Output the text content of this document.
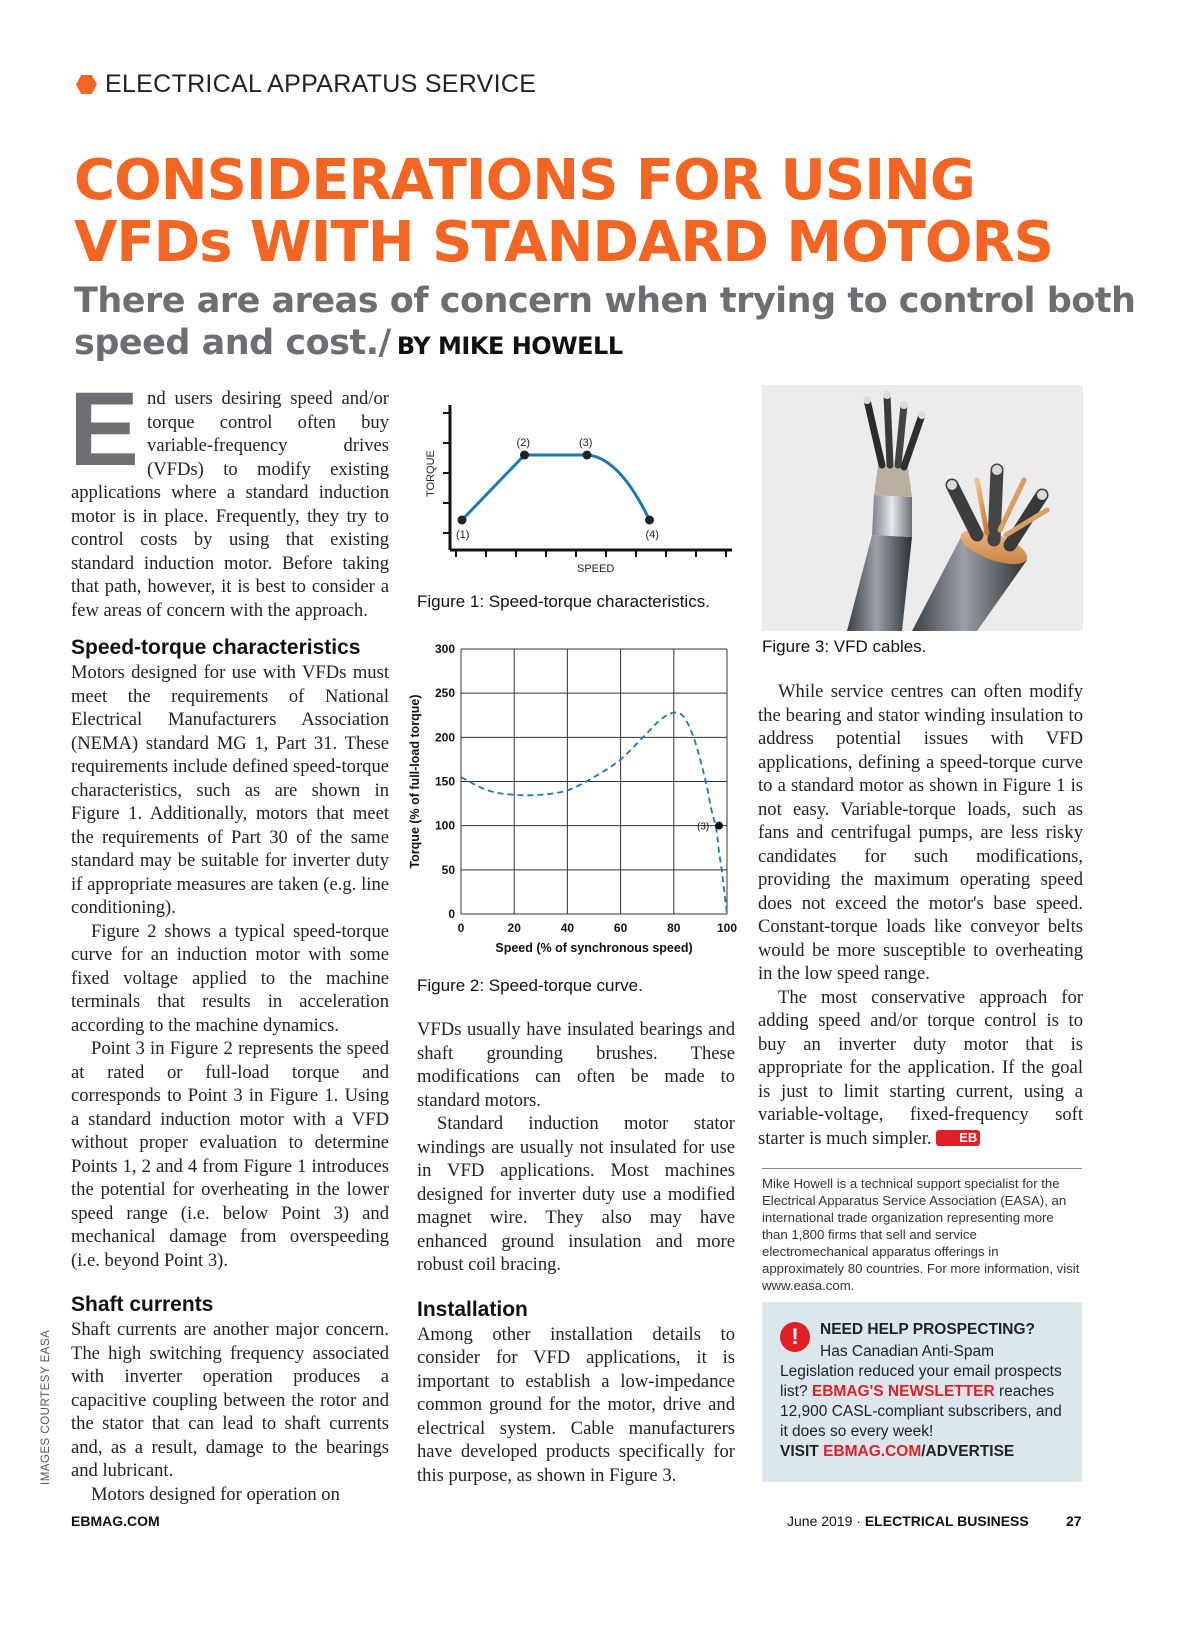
ELECTRICAL APPARATUS SERVICE
CONSIDERATIONS FOR USING
VFDs WITH STANDARD MOTORS
There are areas of concern when trying to control both speed and cost./ BY MIKE HOWELL

End users desiring speed and/or torque control often buy variable-frequency drives (VFDs) to modify existing applications where a standard induction motor is in place. Frequently, they try to control costs by using that existing standard induction motor. Before taking that path, however, it is best to consider a few areas of concern with the approach.

Speed-torque characteristics

Motors designed for use with VFDs must meet the requirements of National Electrical Manufacturers Association (NEMA) standard MG 1, Part 31. These requirements include defined speed-torque characteristics, such as are shown in Figure 1. Additionally, motors that meet the requirements of Part 30 of the same standard may be suitable for inverter duty if appropriate measures are taken (e.g. line conditioning).

Figure 2 shows a typical speed-torque curve for an induction motor with some fixed voltage applied to the machine terminals that results in acceleration according to the machine dynamics.

Point 3 in Figure 2 represents the speed at rated or full-load torque and corresponds to Point 3 in Figure 1. Using a standard induction motor with a VFD without proper evaluation to determine Points 1, 2 and 4 from Figure 1 introduces the potential for overheating in the lower speed range (i.e. below Point 3) and mechanical damage from overspeeding (i.e. beyond Point 3).

Shaft currents

Shaft currents are another major concern. The high switching frequency associated with inverter operation produces a capacitive coupling between the rotor and the stator that can lead to shaft currents and, as a result, damage to the bearings and lubricant.

Motors designed for operation on

(1)
(2)	(3)
(4)
SPEED
TORQUE
Figure 1: Speed-torque characteristics.
0	20	40	60	80	100
0
50
100
150
200
250
300
(3)
Speed (% of synchronous speed)
Torque (% of full-load torque)
Figure 2: Speed-torque curve.

VFDs usually have insulated bearings and shaft grounding brushes. These modifications can often be made to standard motors.

Standard induction motor stator windings are usually not insulated for use in VFD applications. Most machines designed for inverter duty use a modified magnet wire. They also may have enhanced ground insulation and more robust coil bracing.

Installation

Among other installation details to consider for VFD applications, it is important to establish a low-impedance common ground for the motor, drive and electrical system. Cable manufacturers have developed products specifically for this purpose, as shown in Figure 3.

Figure 3: VFD cables.

While service centres can often modify the bearing and stator winding insulation to address potential issues with VFD applications, defining a speed-torque curve to a standard motor as shown in Figure 1 is not easy. Variable-torque loads, such as fans and centrifugal pumps, are less risky candidates for such modifications, providing the maximum operating speed does not exceed the motor's base speed. Constant-torque loads like conveyor belts would be more susceptible to overheating in the low speed range.

The most conservative approach for adding speed and/or torque control is to buy an inverter duty motor that is appropriate for the application. If the goal is just to limit starting current, using a variable-voltage, fixed-frequency soft starter is much simpler. EB

Mike Howell is a technical support specialist for the Electrical Apparatus Service Association (EASA), an international trade organization representing more than 1,800 firms that sell and service electromechanical apparatus offerings in approximately 80 countries. For more information, visit www.easa.com.
!	NEED HELP PROSPECTING?
Has Canadian Anti-Spam Legislation reduced your email prospects list? EBMAG'S NEWSLETTER reaches 12,900 CASL-compliant subscribers, and it does so every week!
VISIT EBMAG.COM/ADVERTISE
IMAGES COURTESY EASA
EBMAG.COM	June 2019 · ELECTRICAL BUSINESS	27
